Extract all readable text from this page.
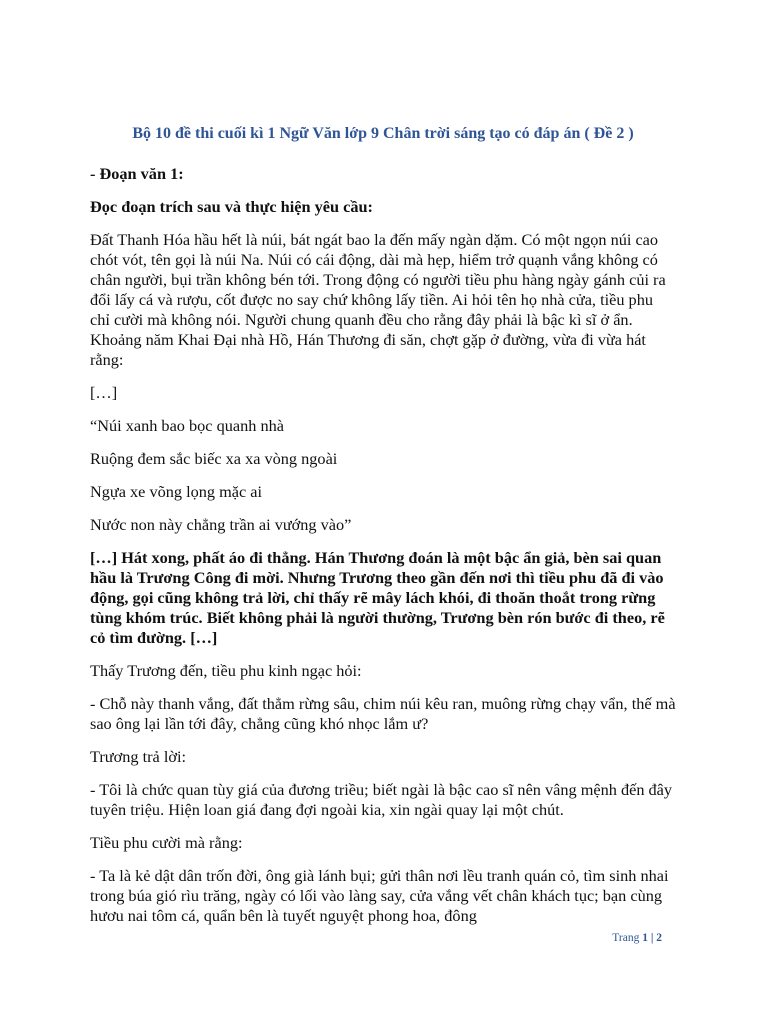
Bộ 10 đề thi cuối kì 1 Ngữ Văn lớp 9 Chân trời sáng tạo có đáp án ( Đề 2 )
- Đoạn văn 1:
Đọc đoạn trích sau và thực hiện yêu cầu:
Đất Thanh Hóa hầu hết là núi, bát ngát bao la đến mấy ngàn dặm. Có một ngọn núi cao chót vót, tên gọi là núi Na. Núi có cái động, dài mà hẹp, hiểm trở quạnh vắng không có chân người, bụi trần không bén tới. Trong động có người tiều phu hàng ngày gánh củi ra đổi lấy cá và rượu, cốt được no say chứ không lấy tiền. Ai hỏi tên họ nhà cửa, tiều phu chỉ cười mà không nói. Người chung quanh đều cho rằng đây phải là bậc kì sĩ ở ẩn. Khoảng năm Khai Đại nhà Hồ, Hán Thương đi săn, chợt gặp ở đường, vừa đi vừa hát rằng:
[…]
“Núi xanh bao bọc quanh nhà
Ruộng đem sắc biếc xa xa vòng ngoài
Ngựa xe võng lọng mặc ai
Nước non này chẳng trần ai vướng vào”
[…] Hát xong, phất áo đi thẳng. Hán Thương đoán là một bậc ẩn giả, bèn sai quan hầu là Trương Công đi mời. Nhưng Trương theo gần đến nơi thì tiều phu đã đi vào động, gọi cũng không trả lời, chỉ thấy rẽ mây lách khói, đi thoăn thoắt trong rừng tùng khóm trúc. Biết không phải là người thường, Trương bèn rón bước đi theo, rẽ cỏ tìm đường. […]
Thấy Trương đến, tiều phu kinh ngạc hỏi:
- Chỗ này thanh vắng, đất thẳm rừng sâu, chim núi kêu ran, muông rừng chạy vẩn, thế mà sao ông lại lần tới đây, chẳng cũng khó nhọc lắm ư?
Trương trả lời:
- Tôi là chức quan tùy giá của đương triều; biết ngài là bậc cao sĩ nên vâng mệnh đến đây tuyên triệu. Hiện loan giá đang đợi ngoài kia, xin ngài quay lại một chút.
Tiều phu cười mà rằng:
- Ta là kẻ dật dân trốn đời, ông già lánh bụi; gửi thân nơi lều tranh quán cỏ, tìm sinh nhai trong búa gió rìu trăng, ngày có lối vào làng say, cửa vắng vết chân khách tục; bạn cùng hươu nai tôm cá, quẩn bên là tuyết nguyệt phong hoa, đông
Trang 1 | 2
